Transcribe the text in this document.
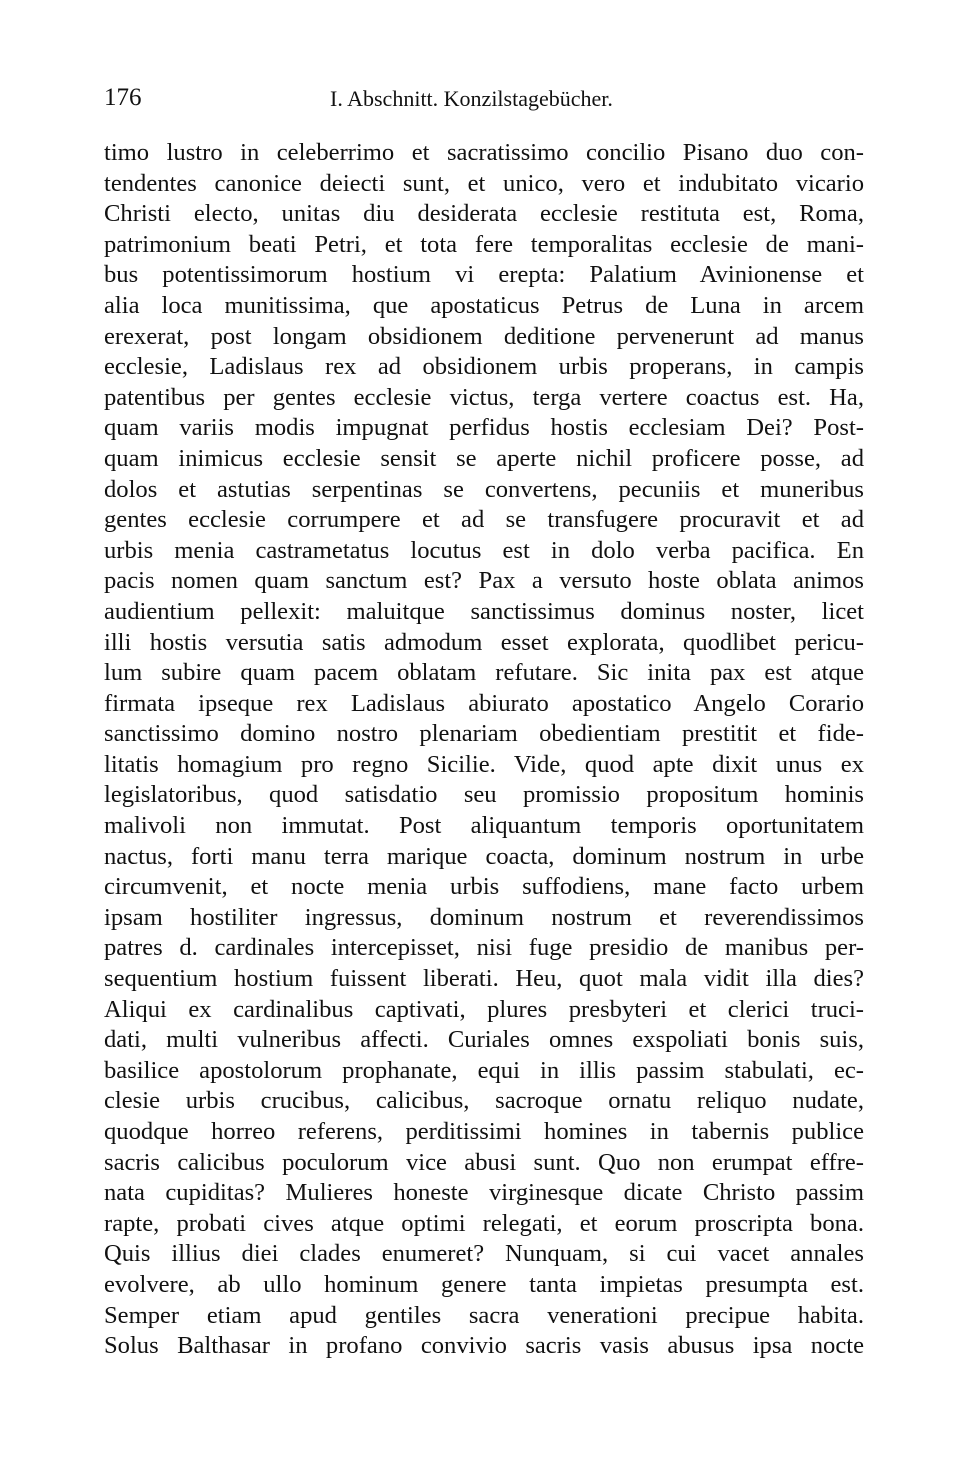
176	I. Abschnitt. Konzilstagebücher.
timo lustro in celeberrimo et sacratissimo concilio Pisano duo con-
tendentes canonice deiecti sunt, et unico, vero et indubitato vicario
Christi electo, unitas diu desiderata ecclesie restituta est, Roma,
patrimonium beati Petri, et tota fere temporalitas ecclesie de mani-
bus potentissimorum hostium vi erepta: Palatium Avinionense et
alia loca munitissima, que apostaticus Petrus de Luna in arcem
erexerat, post longam obsidionem deditione pervenerunt ad manus
ecclesie, Ladislaus rex ad obsidionem urbis properans, in campis
patentibus per gentes ecclesie victus, terga vertere coactus est. Ha,
quam variis modis impugnat perfidus hostis ecclesiam Dei? Post-
quam inimicus ecclesie sensit se aperte nichil proficere posse, ad
dolos et astutias serpentinas se convertens, pecuniis et muneribus
gentes ecclesie corrumpere et ad se transfugere procuravit et ad
urbis menia castrametatus locutus est in dolo verba pacifica. En
pacis nomen quam sanctum est? Pax a versuto hoste oblata animos
audientium pellexit: maluitque sanctissimus dominus noster, licet
illi hostis versutia satis admodum esset explorata, quodlibet pericu-
lum subire quam pacem oblatam refutare. Sic inita pax est atque
firmata ipseque rex Ladislaus abiurato apostatico Angelo Corario
sanctissimo domino nostro plenariam obedientiam prestitit et fide-
litatis homagium pro regno Sicilie. Vide, quod apte dixit unus ex
legislatoribus, quod satisdatio seu promissio propositum hominis
malivoli non immutat. Post aliquantum temporis oportunitatem
nactus, forti manu terra marique coacta, dominum nostrum in urbe
circumvenit, et nocte menia urbis suffodiens, mane facto urbem
ipsam hostiliter ingressus, dominum nostrum et reverendissimos
patres d. cardinales intercepisset, nisi fuge presidio de manibus per-
sequentium hostium fuissent liberati. Heu, quot mala vidit illa dies?
Aliqui ex cardinalibus captivati, plures presbyteri et clerici truci-
dati, multi vulneribus affecti. Curiales omnes exspoliati bonis suis,
basilice apostolorum prophanate, equi in illis passim stabulati, ec-
clesie urbis crucibus, calicibus, sacroque ornatu reliquo nudate,
quodque horreo referens, perditissimi homines in tabernis publice
sacris calicibus poculorum vice abusi sunt. Quo non erumpat effre-
nata cupiditas? Mulieres honeste virginesque dicate Christo passim
rapte, probati cives atque optimi relegati, et eorum proscripta bona.
Quis illius diei clades enumeret? Nunquam, si cui vacet annales
evolvere, ab ullo hominum genere tanta impietas presumpta est.
Semper etiam apud gentiles sacra venerationi precipue habita.
Solus Balthasar in profano convivio sacris vasis abusus ipsa nocte
